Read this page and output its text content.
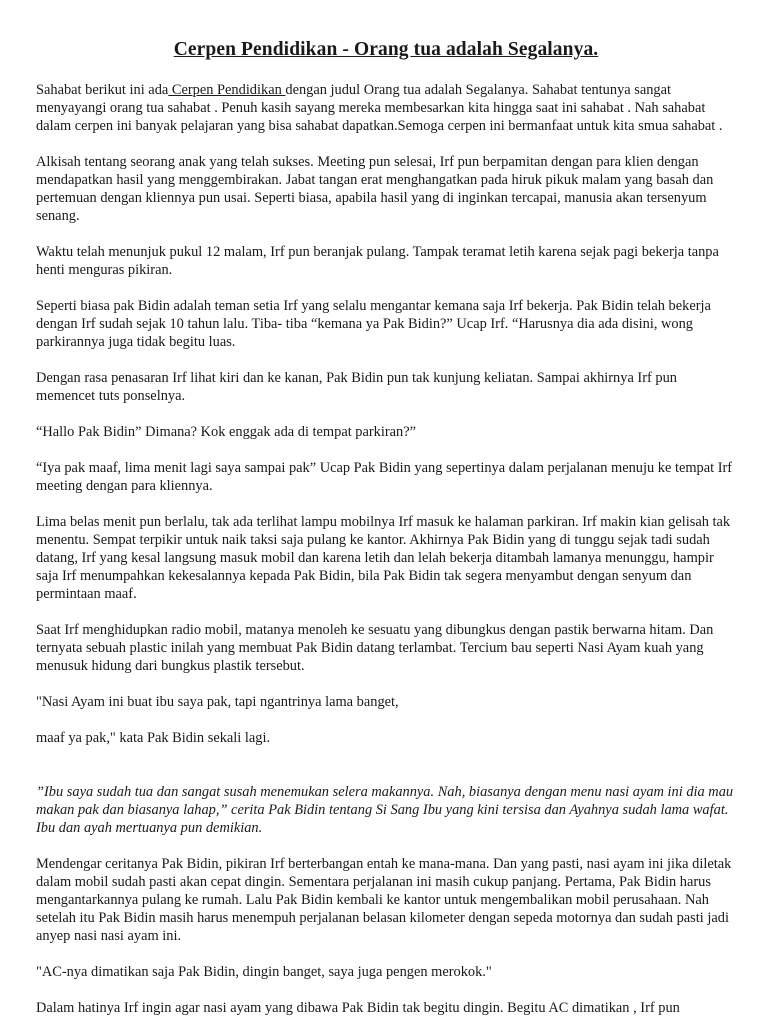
Cerpen Pendidikan - Orang tua adalah Segalanya.

Sahabat berikut ini ada Cerpen Pendidikan dengan judul Orang tua adalah Segalanya. Sahabat tentunya sangat menyayangi orang tua sahabat . Penuh kasih sayang mereka membesarkan kita hingga saat ini sahabat . Nah sahabat dalam cerpen ini banyak pelajaran yang bisa sahabat dapatkan.Semoga cerpen ini bermanfaat untuk kita smua sahabat .

Alkisah tentang seorang anak yang telah sukses. Meeting pun selesai, Irf pun berpamitan dengan para klien dengan mendapatkan hasil yang menggembirakan. Jabat tangan erat menghangatkan pada hiruk pikuk malam yang basah dan pertemuan dengan kliennya pun usai. Seperti biasa, apabila hasil yang di inginkan tercapai, manusia akan tersenyum senang.

Waktu telah menunjuk pukul 12 malam, Irf pun beranjak pulang. Tampak teramat letih karena sejak pagi bekerja tanpa henti menguras pikiran.

Seperti biasa pak Bidin adalah teman setia Irf yang selalu mengantar kemana saja Irf bekerja. Pak Bidin telah bekerja dengan Irf sudah sejak 10 tahun lalu. Tiba- tiba “kemana ya Pak Bidin?” Ucap Irf. “Harusnya dia ada disini, wong parkirannya juga tidak begitu luas.

Dengan rasa penasaran Irf lihat kiri dan ke kanan, Pak Bidin pun tak kunjung keliatan. Sampai akhirnya Irf pun memencet tuts ponselnya.

“Hallo Pak Bidin” Dimana? Kok enggak ada di tempat parkiran?”

“Iya pak maaf, lima menit lagi saya sampai pak” Ucap Pak Bidin yang sepertinya dalam perjalanan menuju ke tempat Irf meeting dengan para kliennya.

Lima belas menit pun berlalu, tak ada terlihat lampu mobilnya Irf masuk ke halaman parkiran. Irf makin kian gelisah tak menentu. Sempat terpikir untuk naik taksi saja pulang ke kantor. Akhirnya Pak Bidin yang di tunggu sejak tadi sudah datang, Irf yang kesal langsung masuk mobil dan karena letih dan lelah bekerja ditambah lamanya menunggu, hampir saja Irf menumpahkan kekesalannya kepada Pak Bidin, bila Pak Bidin tak segera menyambut dengan senyum dan permintaan maaf.

Saat Irf menghidupkan radio mobil, matanya menoleh ke sesuatu yang dibungkus dengan pastik berwarna hitam. Dan ternyata sebuah plastic inilah yang membuat Pak Bidin datang terlambat. Tercium bau seperti Nasi Ayam kuah yang menusuk hidung dari bungkus plastik tersebut.

"Nasi Ayam ini buat ibu saya pak, tapi ngantrinya lama banget,

maaf ya pak," kata Pak Bidin sekali lagi.

”Ibu saya sudah tua dan sangat susah menemukan selera makannya. Nah, biasanya dengan menu nasi ayam ini dia mau makan pak dan biasanya lahap,” cerita Pak Bidin tentang Si Sang Ibu yang kini tersisa dan Ayahnya sudah lama wafat. Ibu dan ayah mertuanya pun demikian.

Mendengar ceritanya Pak Bidin, pikiran Irf berterbangan entah ke mana-mana. Dan yang pasti, nasi ayam ini jika diletak dalam mobil sudah pasti akan cepat dingin. Sementara perjalanan ini masih cukup panjang. Pertama, Pak Bidin harus mengantarkannya pulang ke rumah. Lalu Pak Bidin kembali ke kantor untuk mengembalikan mobil perusahaan. Nah setelah itu Pak Bidin masih harus menempuh perjalanan belasan kilometer dengan sepeda motornya dan sudah pasti jadi anyep nasi nasi ayam ini.

"AC-nya dimatikan saja Pak Bidin, dingin banget, saya juga pengen merokok."

Dalam hatinya Irf ingin agar nasi ayam yang dibawa Pak Bidin tak begitu dingin. Begitu AC dimatikan , Irf pun
